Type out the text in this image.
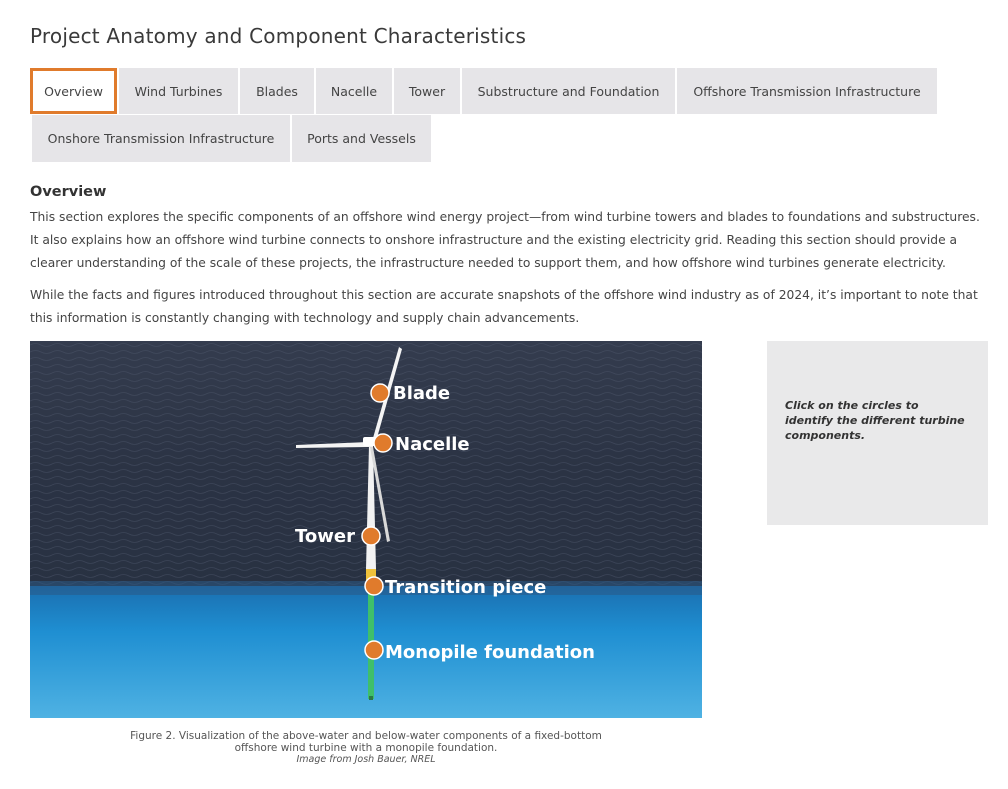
Project Anatomy and Component Characteristics
Overview	Wind Turbines	Blades	Nacelle	Tower	Substructure and Foundation	Offshore Transmission Infrastructure
Onshore Transmission Infrastructure	Ports and Vessels
Overview

This section explores the specific components of an offshore wind energy project—from wind turbine towers and blades to foundations and substructures. It also explains how an offshore wind turbine connects to onshore infrastructure and the existing electricity grid. Reading this section should provide a clearer understanding of the scale of these projects, the infrastructure needed to support them, and how offshore wind turbines generate electricity.

While the facts and figures introduced throughout this section are accurate snapshots of the offshore wind industry as of 2024, it’s important to note that this information is constantly changing with technology and supply chain advancements.

Blade
Nacelle
Tower
Transition piece
Monopile foundation

Click on the circles to identify the different turbine components.

Figure 2. Visualization of the above-water and below-water components of a fixed-bottom offshore wind turbine with a monopile foundation.

Image from Josh Bauer, NREL
